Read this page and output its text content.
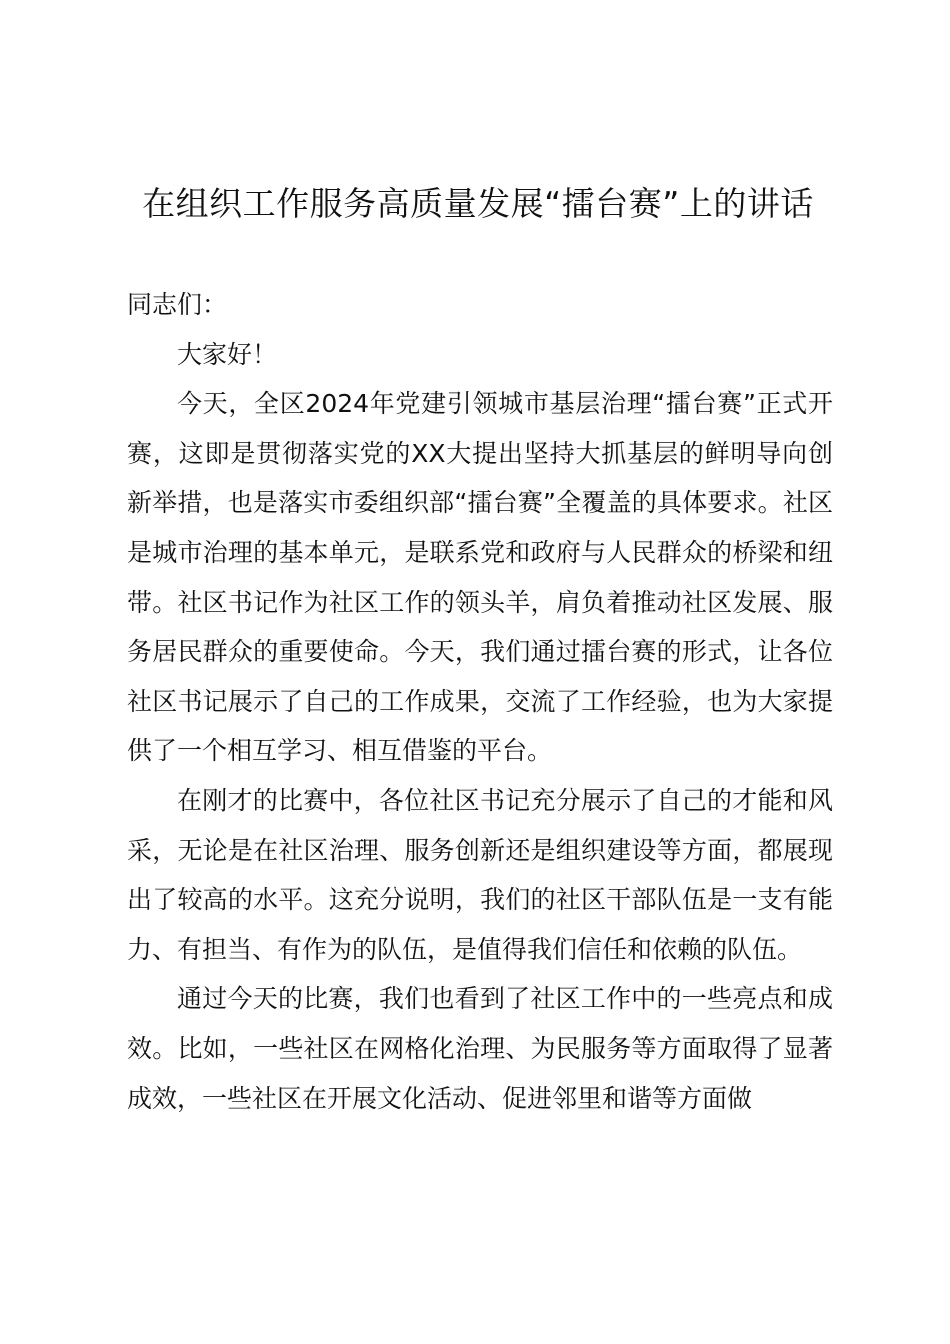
在组织工作服务高质量发展“擂台赛”上的讲话

同志们：

大家好！

今天，全区2024年党建引领城市基层治理“擂台赛”正式开赛，这即是贯彻落实党的XX大提出坚持大抓基层的鲜明导向创新举措，也是落实市委组织部“擂台赛”全覆盖的具体要求。社区是城市治理的基本单元，是联系党和政府与人民群众的桥梁和纽带。社区书记作为社区工作的领头羊，肩负着推动社区发展、服务居民群众的重要使命。今天，我们通过擂台赛的形式，让各位社区书记展示了自己的工作成果，交流了工作经验，也为大家提供了一个相互学习、相互借鉴的平台。

在刚才的比赛中，各位社区书记充分展示了自己的才能和风采，无论是在社区治理、服务创新还是组织建设等方面，都展现出了较高的水平。这充分说明，我们的社区干部队伍是一支有能力、有担当、有作为的队伍，是值得我们信任和依赖的队伍。

通过今天的比赛，我们也看到了社区工作中的一些亮点和成效。比如，一些社区在网格化治理、为民服务等方面取得了显著成效，一些社区在开展文化活动、促进邻里和谐等方面做
